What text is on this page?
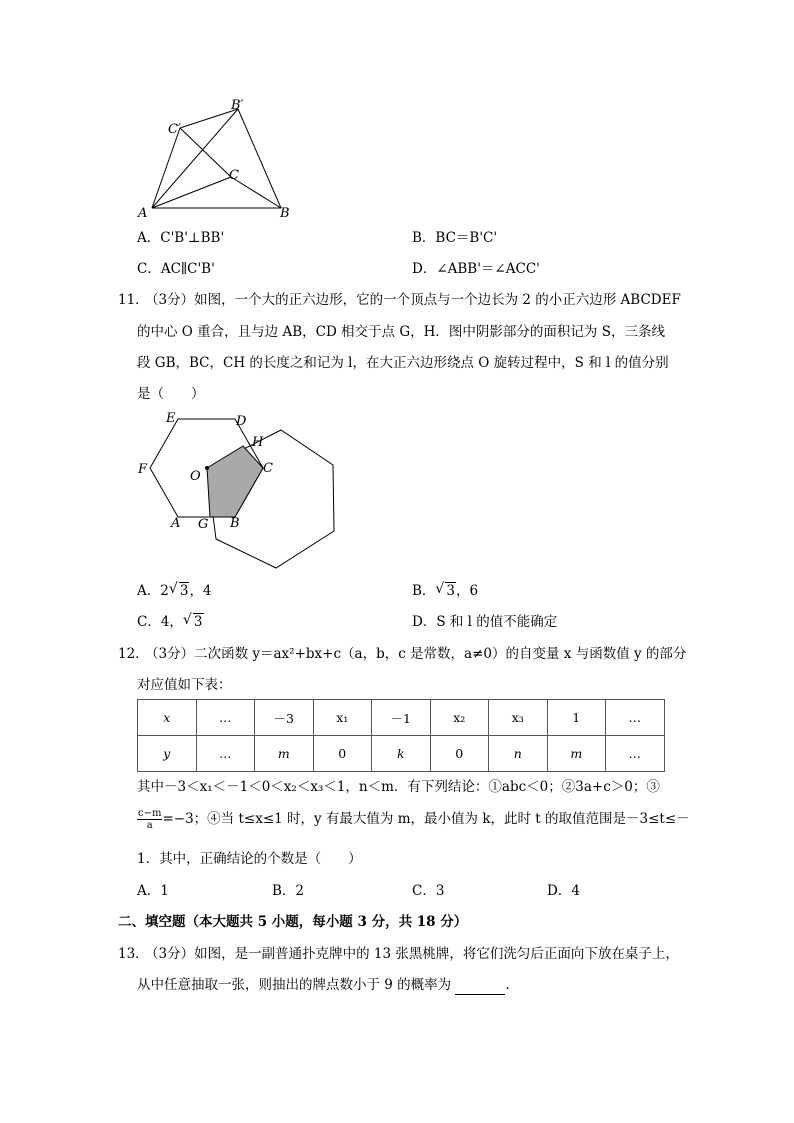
A	B
C
B′
C′
A．C'B'⊥BB'	B．BC＝B'C'
C．AC∥C'B'	D．∠ABB'＝∠ACC'
11．
（3分）如图，一个大的正六边形，它的一个顶点与一个边长为 2 的小正六边形 ABCDEF
的中心 O 重合，且与边 AB，CD 相交于点 G，H．图中阴影部分的面积记为 S，三条线
段 GB，BC，CH 的长度之和记为 l，在大正六边形绕点 O 旋转过程中，S 和 l 的值分别
是（　　）
E	D
H
F	O
C
A G B
A．2 √ 3，4	B． √ 3，6
C．4， √ 3	D．S 和 l 的值不能确定
12．
（3分）二次函数 y＝ax²+bx+c（a，b，c 是常数，a≠0）的自变量 x 与函数值 y 的部分
对应值如下表：
x	…	－3	x₁	－1	x₂	x₃	1	…
y	…	m	0	k	0	n	m	…
其中－3＜x₁＜－1＜0＜x₂＜x₃＜1，n＜m．有下列结论：①abc＜0；②3a+c＞0；③
$\frac{c-m}{a} =-3$；④当 t≤x≤1 时，y 有最大值为 m，最小值为 k，此时 t 的取值范围是－3≤t≤－
1．其中，正确结论的个数是（　　）
A．1	B．2	C．3	D．4
二、填空题（本大题共 5 小题，每小题 3 分，共 18 分）
13．
（3分）如图，是一副普通扑克牌中的 13 张黑桃牌，将它们洗匀后正面向下放在桌子上，
从中任意抽取一张，则抽出的牌点数小于 9 的概率为	．
